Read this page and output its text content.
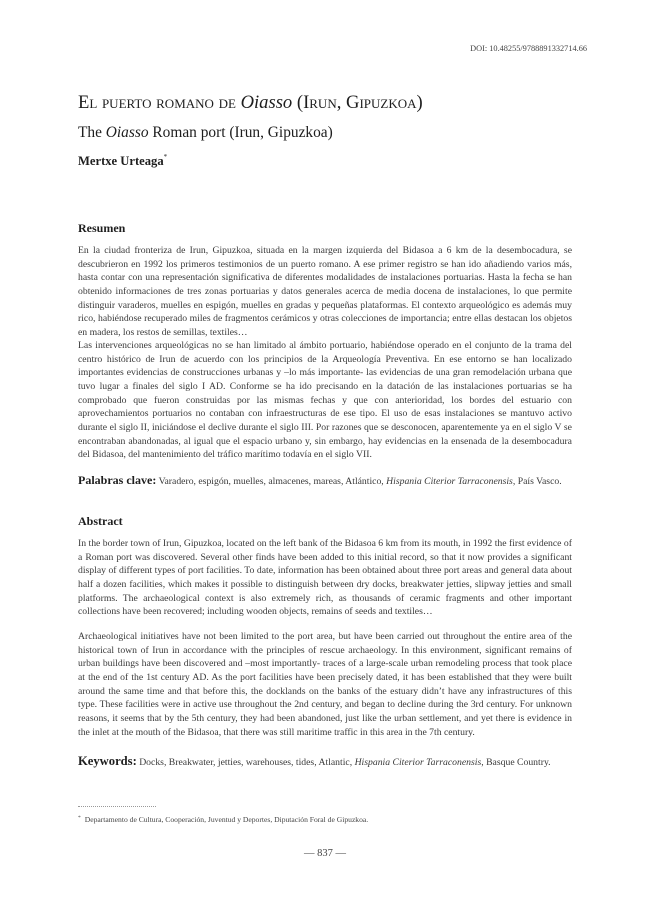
DOI: 10.48255/9788891332714.66
El puerto romano de Oiasso (Irun, Gipuzkoa)
The Oiasso Roman port (Irun, Gipuzkoa)
Mertxe Urteaga*
Resumen

En la ciudad fronteriza de Irun, Gipuzkoa, situada en la margen izquierda del Bidasoa a 6 km de la desembocadura, se descubrieron en 1992 los primeros testimonios de un puerto romano. A ese primer registro se han ido añadiendo varios más, hasta contar con una representación significativa de diferentes modalidades de instalaciones portuarias. Hasta la fecha se han obtenido informaciones de tres zonas portuarias y datos generales acerca de media docena de instalaciones, lo que permite distinguir varaderos, muelles en espigón, muelles en gradas y pequeñas plataformas. El contexto arqueológico es además muy rico, habiéndose recuperado miles de fragmentos cerámicos y otras colecciones de importancia; entre ellas destacan los objetos en madera, los restos de semillas, textiles…

Las intervenciones arqueológicas no se han limitado al ámbito portuario, habiéndose operado en el conjunto de la trama del centro histórico de Irun de acuerdo con los principios de la Arqueología Preventiva. En ese entorno se han localizado importantes evidencias de construcciones urbanas y –lo más importante- las evidencias de una gran remodelación urbana que tuvo lugar a finales del siglo I AD. Conforme se ha ido precisando en la datación de las instalaciones portuarias se ha comprobado que fueron construidas por las mismas fechas y que con anterioridad, los bordes del estuario con aprovechamientos portuarios no contaban con infraestructuras de ese tipo. El uso de esas instalaciones se mantuvo activo durante el siglo II, iniciándose el declive durante el siglo III. Por razones que se desconocen, aparentemente ya en el siglo V se encontraban abandonadas, al igual que el espacio urbano y, sin embargo, hay evidencias en la ensenada de la desembocadura del Bidasoa, del mantenimiento del tráfico marítimo todavía en el siglo VII.

Palabras clave: Varadero, espigón, muelles, almacenes, mareas, Atlántico, Hispania Citerior Tarraconensis, País Vasco.

Abstract

In the border town of Irun, Gipuzkoa, located on the left bank of the Bidasoa 6 km from its mouth, in 1992 the first evidence of a Roman port was discovered. Several other finds have been added to this initial record, so that it now provides a significant display of different types of port facilities. To date, information has been obtained about three port areas and general data about half a dozen facilities, which makes it possible to distinguish between dry docks, breakwater jetties, slipway jetties and small platforms. The archaeological context is also extremely rich, as thousands of ceramic fragments and other important collections have been recovered; including wooden objects, remains of seeds and textiles…

Archaeological initiatives have not been limited to the port area, but have been carried out throughout the entire area of the historical town of Irun in accordance with the principles of rescue archaeology. In this environment, significant remains of urban buildings have been discovered and –most importantly- traces of a large-scale urban remodeling process that took place at the end of the 1st century AD. As the port facilities have been precisely dated, it has been established that they were built around the same time and that before this, the docklands on the banks of the estuary didn’t have any infrastructures of this type. These facilities were in active use throughout the 2nd century, and began to decline during the 3rd century. For unknown reasons, it seems that by the 5th century, they had been abandoned, just like the urban settlement, and yet there is evidence in the inlet at the mouth of the Bidasoa, that there was still maritime traffic in this area in the 7th century.

Keywords: Docks, Breakwater, jetties, warehouses, tides, Atlantic, Hispania Citerior Tarraconensis, Basque Country.

* Departamento de Cultura, Cooperación, Juventud y Deportes, Diputación Foral de Gipuzkoa.
— 837 —
